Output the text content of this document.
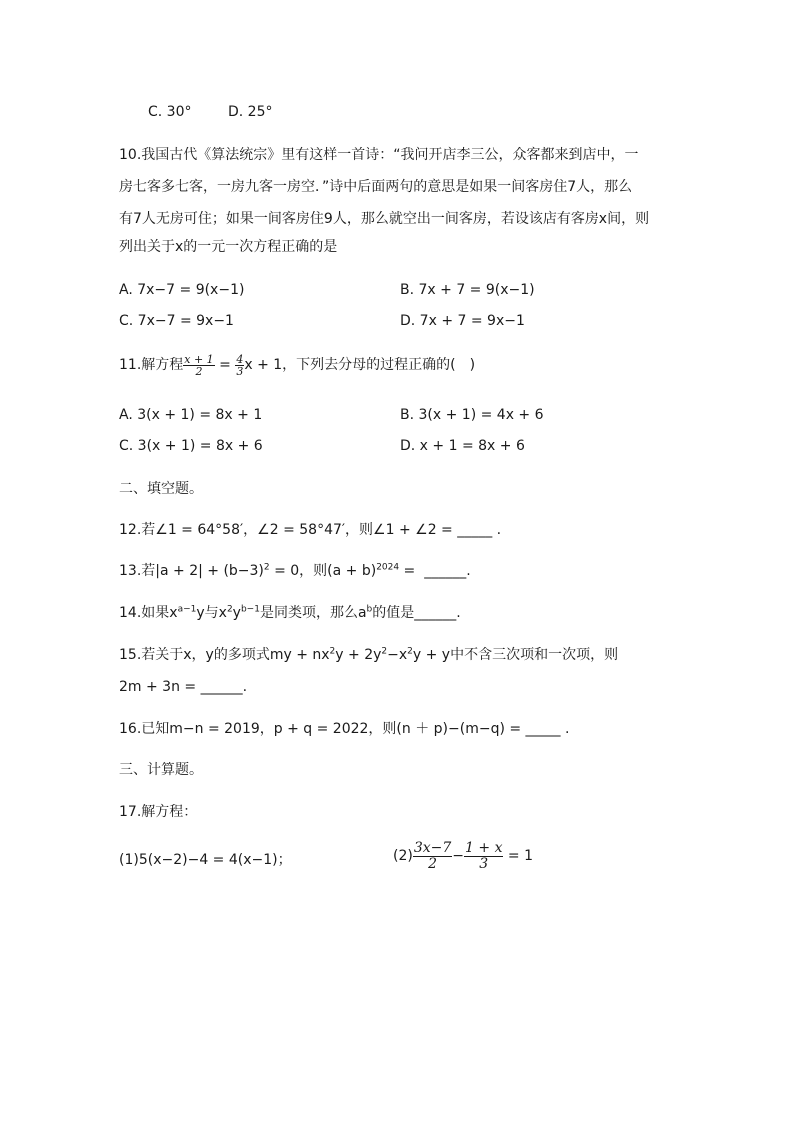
C. 30°	D. 25°
10.我国古代《算法统宗》里有这样一首诗：“我问开店李三公，众客都来到店中，一
房七客多七客，一房九客一房空．”诗中后面两句的意思是如果一间客房住7人，那么
有7人无房可住；如果一间客房住9人，那么就空出一间客房，若设该店有客房x间，则
列出关于x的一元一次方程正确的是
A. 7x−7 = 9(x−1)	B. 7x + 7 = 9(x−1)
C. 7x−7 = 9x−1	D. 7x + 7 = 9x−1
11.解方程 $\frac{x + 1}{2} = \frac{4}{3}$ x + 1，下列去分母的过程正确的(　)
A. 3(x + 1) = 8x + 1	B. 3(x + 1) = 4x + 6
C. 3(x + 1) = 8x + 6	D. x + 1 = 8x + 6
二、填空题。
12.若∠1 = 64°58′，∠2 = 58°47′，则∠1 + ∠2 = _____ .
13.若$|a + 2| + (b-3)^2 = 0$，则$(a + b)^{2024}$ =  ______.
14.如果$x^{a-1}y$与$x^2y^{b-1}$是同类项，那么$a^b$的值是______.
15.若关于x，y的多项式my + $nx^2y + 2y^2-x^2y + y$中不含三次项和一次项，则
2m + 3n = ______.
16.已知m−n = 2019，p + q = 2022，则(n ＋ p)−(m−q) = _____ .
三、计算题。
17.解方程：
(1)5(x−2)−4 = 4(x−1)；	$(2) \frac{3x-7}{2} - \frac{1 + x}{3} = 1$
